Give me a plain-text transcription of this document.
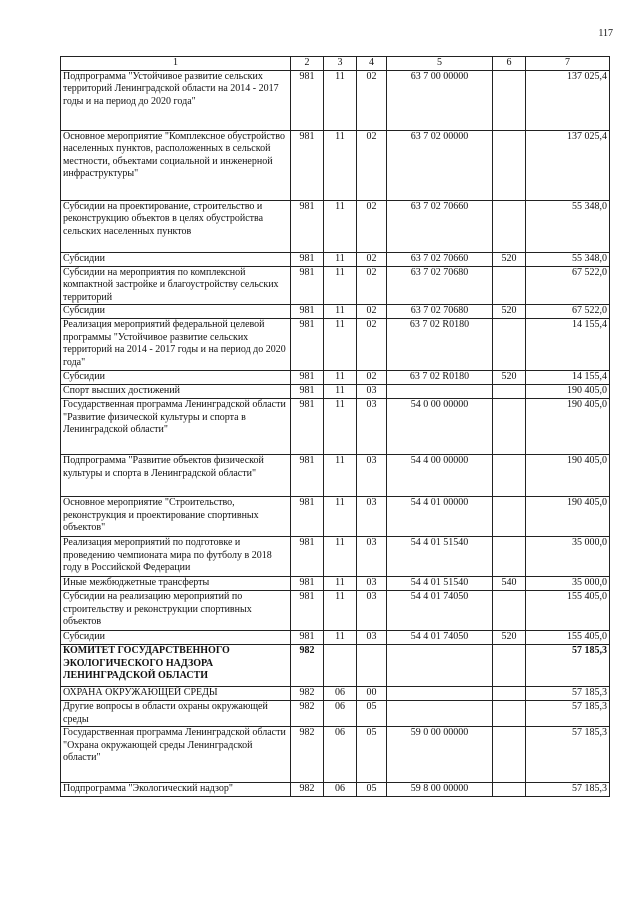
117
1	2	3	4	5	6	7
Подпрограмма "Устойчивое развитие сельских территорий Ленинградской области на 2014 - 2017 годы и на период до 2020 года"	981	11	02	63 7 00 00000		137 025,4
Основное мероприятие "Комплексное обустройство населенных пунктов, расположенных в сельской местности, объектами социальной и инженерной инфраструктуры"	981	11	02	63 7 02 00000		137 025,4
Субсидии на проектирование, строительство и реконструкцию объектов в целях обустройства сельских населенных пунктов	981	11	02	63 7 02 70660		55 348,0
Субсидии	981	11	02	63 7 02 70660	520	55 348,0
Субсидии на мероприятия по комплексной компактной застройке и благоустройству сельских территорий	981	11	02	63 7 02 70680		67 522,0
Субсидии	981	11	02	63 7 02 70680	520	67 522,0
Реализация мероприятий федеральной целевой программы "Устойчивое развитие сельских территорий на 2014 - 2017 годы и на период до 2020 года"	981	11	02	63 7 02 R0180		14 155,4
Субсидии	981	11	02	63 7 02 R0180	520	14 155,4
Спорт высших достижений	981	11	03			190 405,0
Государственная программа Ленинградской области "Развитие физической культуры и спорта в Ленинградской области"	981	11	03	54 0 00 00000		190 405,0
Подпрограмма "Развитие объектов физической культуры и спорта в Ленинградской области"	981	11	03	54 4 00 00000		190 405,0
Основное мероприятие "Строительство, реконструкция и проектирование спортивных объектов"	981	11	03	54 4 01 00000		190 405,0
Реализация мероприятий по подготовке и проведению чемпионата мира по футболу в 2018 году в Российской Федерации	981	11	03	54 4 01 51540		35 000,0
Иные межбюджетные трансферты	981	11	03	54 4 01 51540	540	35 000,0
Субсидии на реализацию мероприятий по строительству и реконструкции спортивных объектов	981	11	03	54 4 01 74050		155 405,0
Субсидии	981	11	03	54 4 01 74050	520	155 405,0
КОМИТЕТ ГОСУДАРСТВЕННОГО ЭКОЛОГИЧЕСКОГО НАДЗОРА ЛЕНИНГРАДСКОЙ ОБЛАСТИ	982					57 185,3
ОХРАНА ОКРУЖАЮЩЕЙ СРЕДЫ	982	06	00			57 185,3
Другие вопросы в области охраны окружающей среды	982	06	05			57 185,3
Государственная программа Ленинградской области "Охрана окружающей среды Ленинградской области"	982	06	05	59 0 00 00000		57 185,3
Подпрограмма "Экологический надзор"	982	06	05	59 8 00 00000		57 185,3
